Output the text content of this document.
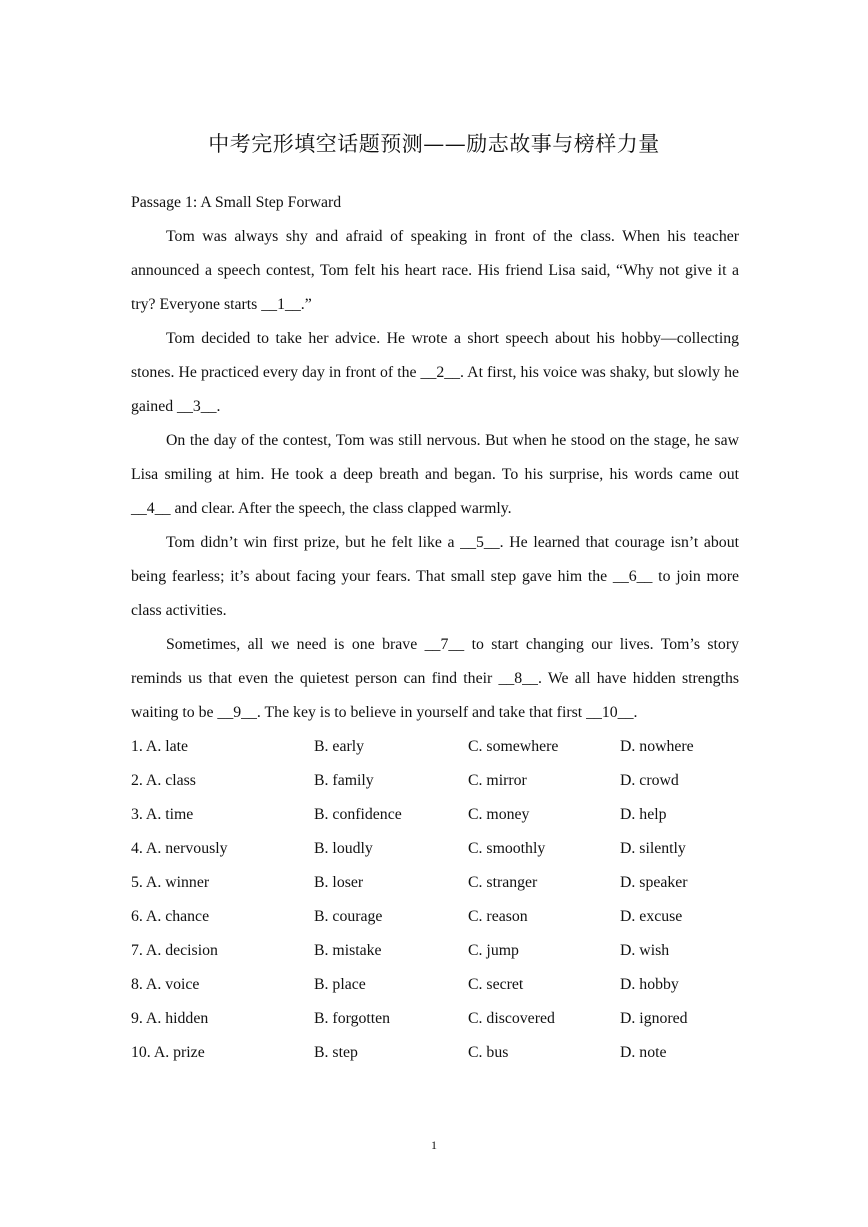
中考完形填空话题预测——励志故事与榜样力量

Passage 1: A Small Step Forward

Tom was always shy and afraid of speaking in front of the class. When his teacher announced a speech contest, Tom felt his heart race. His friend Lisa said, “Why not give it a try? Everyone starts __1__.”

Tom decided to take her advice. He wrote a short speech about his hobby—collecting stones. He practiced every day in front of the __2__. At first, his voice was shaky, but slowly he gained __3__.

On the day of the contest, Tom was still nervous. But when he stood on the stage, he saw Lisa smiling at him. He took a deep breath and began. To his surprise, his words came out __4__ and clear. After the speech, the class clapped warmly.

Tom didn’t win first prize, but he felt like a __5__. He learned that courage isn’t about being fearless; it’s about facing your fears. That small step gave him the __6__ to join more class activities.

Sometimes, all we need is one brave __7__ to start changing our lives. Tom’s story reminds us that even the quietest person can find their __8__. We all have hidden strengths waiting to be __9__. The key is to believe in yourself and take that first __10__.

1. A. late	B. early	C. somewhere	D. nowhere
2. A. class	B. family	C. mirror	D. crowd
3. A. time	B. confidence	C. money	D. help
4. A. nervously	B. loudly	C. smoothly	D. silently
5. A. winner	B. loser	C. stranger	D. speaker
6. A. chance	B. courage	C. reason	D. excuse
7. A. decision	B. mistake	C. jump	D. wish
8. A. voice	B. place	C. secret	D. hobby
9. A. hidden	B. forgotten	C. discovered	D. ignored
10. A. prize	B. step	C. bus	D. note
1
